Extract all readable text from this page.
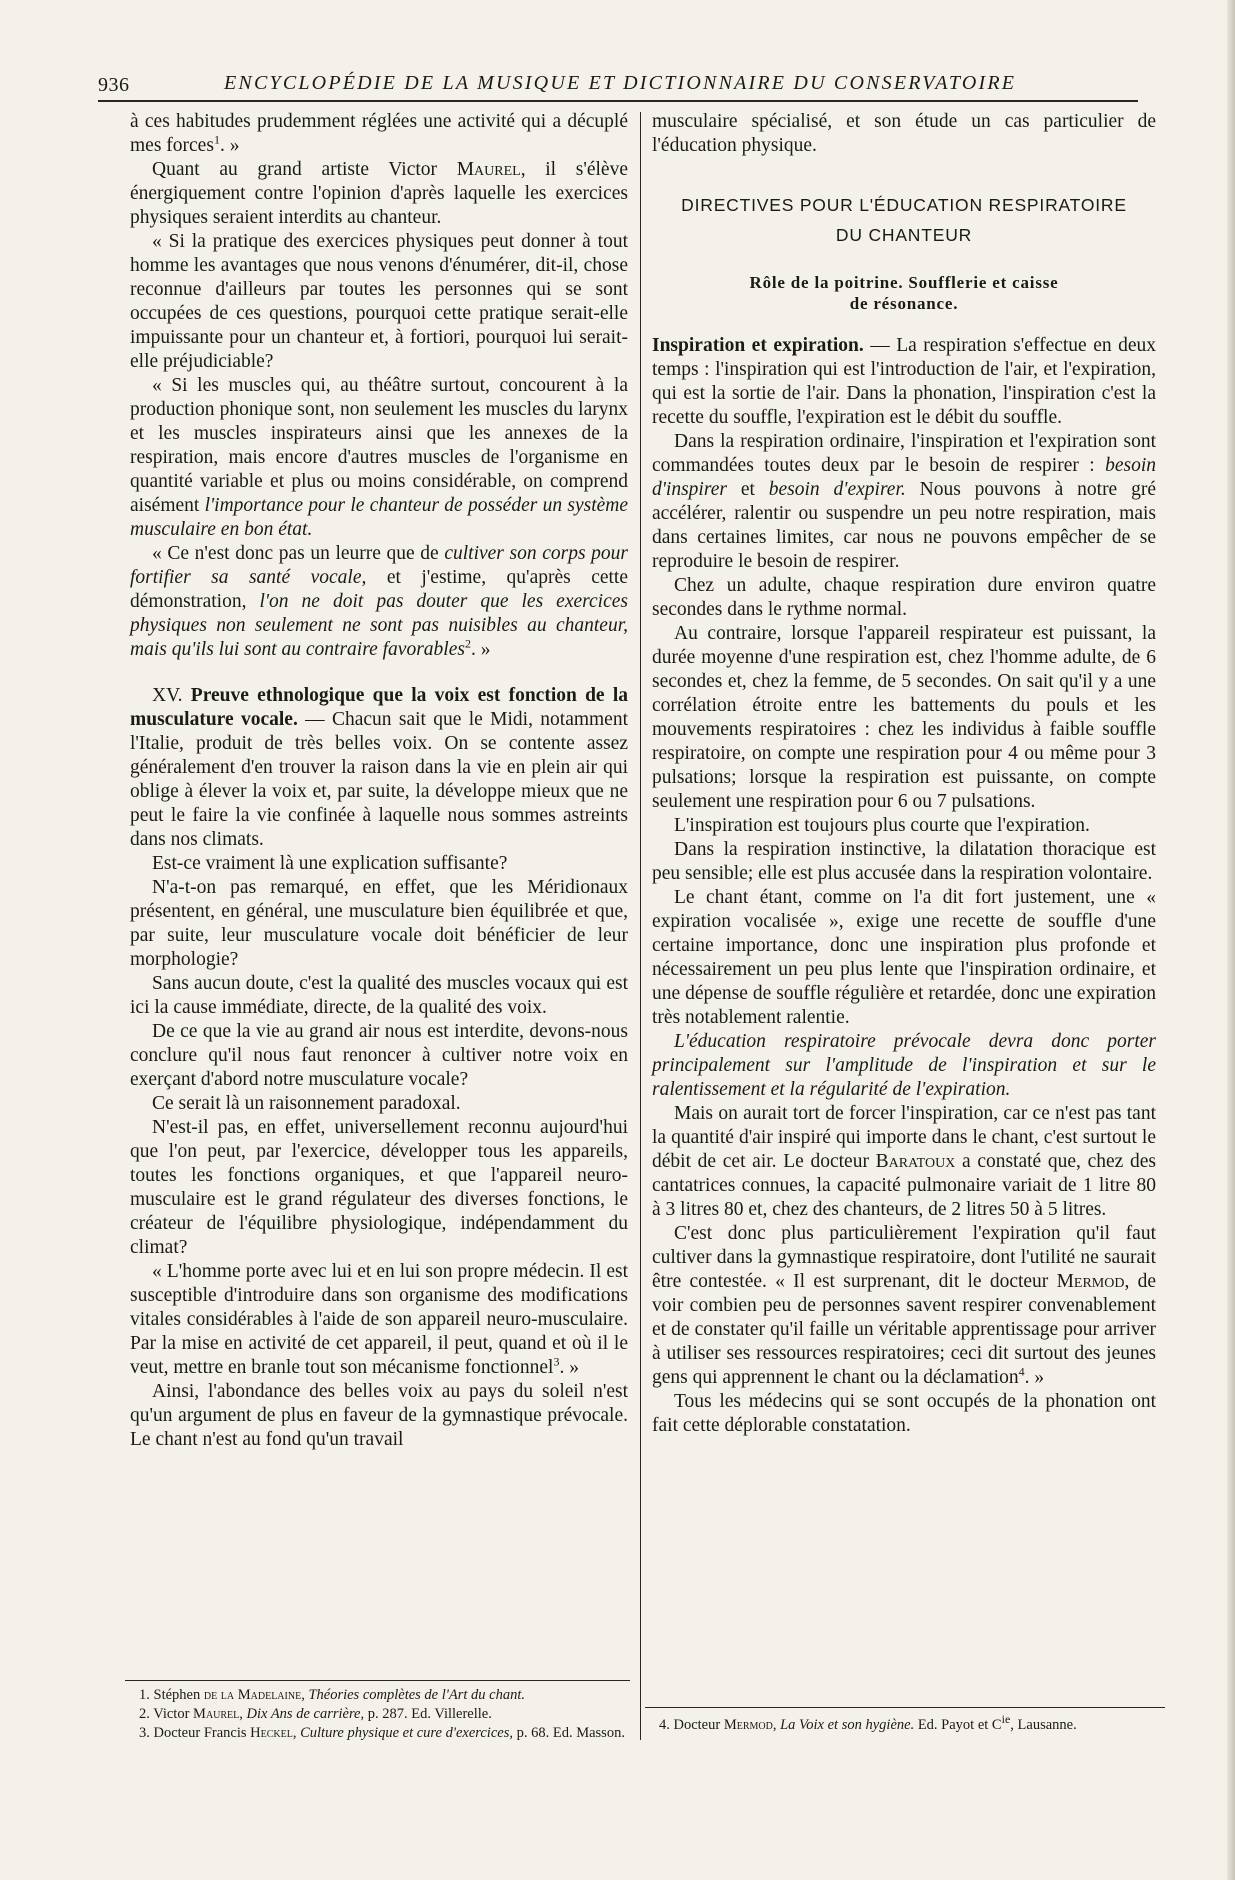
936	ENCYCLOPÉDIE DE LA MUSIQUE ET DICTIONNAIRE DU CONSERVATOIRE

à ces habitudes prudemment réglées une activité qui a décuplé mes forces$^1$. »

Quant au grand artiste Victor Maurel, il s'élève énergiquement contre l'opinion d'après laquelle les exercices physiques seraient interdits au chanteur.

« Si la pratique des exercices physiques peut donner à tout homme les avantages que nous venons d'énumérer, dit-il, chose reconnue d'ailleurs par toutes les personnes qui se sont occupées de ces questions, pourquoi cette pratique serait-elle impuissante pour un chanteur et, à fortiori, pourquoi lui serait-elle préjudiciable?

« Si les muscles qui, au théâtre surtout, concourent à la production phonique sont, non seulement les muscles du larynx et les muscles inspirateurs ainsi que les annexes de la respiration, mais encore d'autres muscles de l'organisme en quantité variable et plus ou moins considérable, on comprend aisément l'importance pour le chanteur de posséder un système musculaire en bon état.

« Ce n'est donc pas un leurre que de cultiver son corps pour fortifier sa santé vocale, et j'estime, qu'après cette démonstration, l'on ne doit pas douter que les exercices physiques non seulement ne sont pas nuisibles au chanteur, mais qu'ils lui sont au contraire favorables$^2$. »

XV. Preuve ethnologique que la voix est fonction de la musculature vocale. — Chacun sait que le Midi, notamment l'Italie, produit de très belles voix. On se contente assez généralement d'en trouver la raison dans la vie en plein air qui oblige à élever la voix et, par suite, la développe mieux que ne peut le faire la vie confinée à laquelle nous sommes astreints dans nos climats.

Est-ce vraiment là une explication suffisante?

N'a-t-on pas remarqué, en effet, que les Méridionaux présentent, en général, une musculature bien équilibrée et que, par suite, leur musculature vocale doit bénéficier de leur morphologie?

Sans aucun doute, c'est la qualité des muscles vocaux qui est ici la cause immédiate, directe, de la qualité des voix.

De ce que la vie au grand air nous est interdite, devons-nous conclure qu'il nous faut renoncer à cultiver notre voix en exerçant d'abord notre musculature vocale?

Ce serait là un raisonnement paradoxal.

N'est-il pas, en effet, universellement reconnu aujourd'hui que l'on peut, par l'exercice, développer tous les appareils, toutes les fonctions organiques, et que l'appareil neuro-musculaire est le grand régulateur des diverses fonctions, le créateur de l'équilibre physiologique, indépendamment du climat?

« L'homme porte avec lui et en lui son propre médecin. Il est susceptible d'introduire dans son organisme des modifications vitales considérables à l'aide de son appareil neuro-musculaire. Par la mise en activité de cet appareil, il peut, quand et où il le veut, mettre en branle tout son mécanisme fonctionnel$^3$. »

Ainsi, l'abondance des belles voix au pays du soleil n'est qu'un argument de plus en faveur de la gymnastique prévocale. Le chant n'est au fond qu'un travail

1. Stéphen de la Madelaine, Théories complètes de l'Art du chant.
2. Victor Maurel, Dix Ans de carrière, p. 287. Ed. Villerelle.
3. Docteur Francis Heckel, Culture physique et cure d'exercices, p. 68. Ed. Masson.

musculaire spécialisé, et son étude un cas particulier de l'éducation physique.

DIRECTIVES POUR L'ÉDUCATION RESPIRATOIRE
DU CHANTEUR
Rôle de la poitrine. Soufflerie et caisse
de résonance.

Inspiration et expiration. — La respiration s'effectue en deux temps : l'inspiration qui est l'introduction de l'air, et l'expiration, qui est la sortie de l'air. Dans la phonation, l'inspiration c'est la recette du souffle, l'expiration est le débit du souffle.

Dans la respiration ordinaire, l'inspiration et l'expiration sont commandées toutes deux par le besoin de respirer : besoin d'inspirer et besoin d'expirer. Nous pouvons à notre gré accélérer, ralentir ou suspendre un peu notre respiration, mais dans certaines limites, car nous ne pouvons empêcher de se reproduire le besoin de respirer.

Chez un adulte, chaque respiration dure environ quatre secondes dans le rythme normal.

Au contraire, lorsque l'appareil respirateur est puissant, la durée moyenne d'une respiration est, chez l'homme adulte, de 6 secondes et, chez la femme, de 5 secondes. On sait qu'il y a une corrélation étroite entre les battements du pouls et les mouvements respiratoires : chez les individus à faible souffle respiratoire, on compte une respiration pour 4 ou même pour 3 pulsations; lorsque la respiration est puissante, on compte seulement une respiration pour 6 ou 7 pulsations.

L'inspiration est toujours plus courte que l'expiration.

Dans la respiration instinctive, la dilatation thoracique est peu sensible; elle est plus accusée dans la respiration volontaire.

Le chant étant, comme on l'a dit fort justement, une « expiration vocalisée », exige une recette de souffle d'une certaine importance, donc une inspiration plus profonde et nécessairement un peu plus lente que l'inspiration ordinaire, et une dépense de souffle régulière et retardée, donc une expiration très notablement ralentie.

L'éducation respiratoire prévocale devra donc porter principalement sur l'amplitude de l'inspiration et sur le ralentissement et la régularité de l'expiration.

Mais on aurait tort de forcer l'inspiration, car ce n'est pas tant la quantité d'air inspiré qui importe dans le chant, c'est surtout le débit de cet air. Le docteur Baratoux a constaté que, chez des cantatrices connues, la capacité pulmonaire variait de 1 litre 80 à 3 litres 80 et, chez des chanteurs, de 2 litres 50 à 5 litres.

C'est donc plus particulièrement l'expiration qu'il faut cultiver dans la gymnastique respiratoire, dont l'utilité ne saurait être contestée. « Il est surprenant, dit le docteur Mermod, de voir combien peu de personnes savent respirer convenablement et de constater qu'il faille un véritable apprentissage pour arriver à utiliser ses ressources respiratoires; ceci dit surtout des jeunes gens qui apprennent le chant ou la déclamation$^4$. »

Tous les médecins qui se sont occupés de la phonation ont fait cette déplorable constatation.

4. Docteur Mermod, La Voix et son hygiène. Ed. Payot et $C^{ie}$, Lausanne.
